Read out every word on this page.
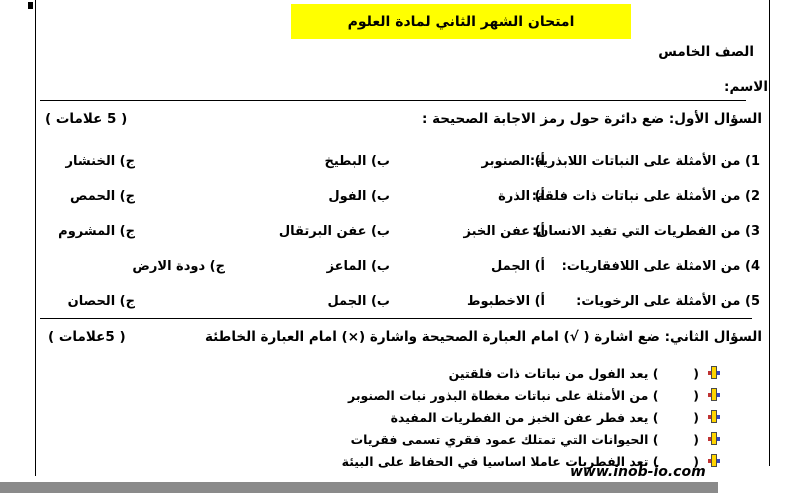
امتحان الشهر الثاني لمادة العلوم
الصف الخامس
الاسم:
السؤال الأول: ضع دائرة حول رمز الاجابة الصحيحة :
( 5 علامات )
1) من الأمثلة على النباتات اللابذرية:
أ) الصنوبر
ب) البطيخ
ج) الخنشار
2) من الأمثلة على نباتات ذات فلقة:
أ) الذرة
ب) الفول
ج) الحمص
3) من الفطريات التي تفيد الانسان:
أ) عفن الخبز
ب) عفن البرتقال
ج) المشروم
4) من الامثلة على اللافقاريات:
أ) الجمل
ب) الماعز
ج) دودة الارض
5) من الأمثلة على الرخويات:
أ) الاخطبوط
ب) الجمل
ج) الحصان
السؤال الثاني: ضع اشارة ( √) امام العبارة الصحيحة واشارة (×) امام العبارة الخاطئة
( 5علامات )
(        ) يعد الفول من نباتات ذات فلقتين
(        ) من الأمثلة على نباتات مغطاة البذور نبات الصنوبر
(        ) يعد فطر عفن الخبز من الفطريات المفيدة
(        ) الحيوانات التي تمتلك عمود فقري تسمى فقريات
(        ) تعد الفطريات عاملا اساسيا في الحفاظ على البيئة
www.inob-io.com
